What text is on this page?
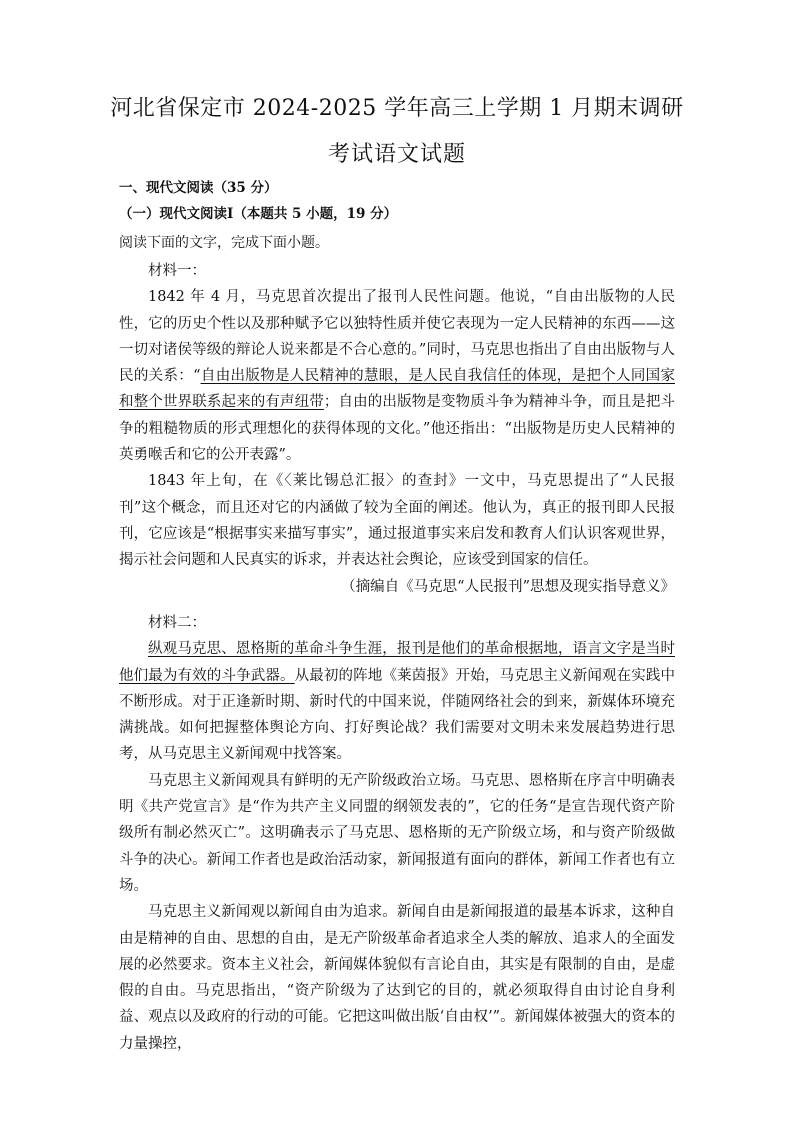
河北省保定市 2024-2025 学年高三上学期 1 月期末调研
考试语文试题
一、现代文阅读（35 分）
（一）现代文阅读Ⅰ（本题共 5 小题，19 分）
阅读下面的文字，完成下面小题。

材料一：

1842 年 4 月，马克思首次提出了报刊人民性问题。他说，“自由出版物的人民性，它的历史个性以及那种赋予它以独特性质并使它表现为一定人民精神的东西——这一切对诸侯等级的辩论人说来都是不合心意的。”同时，马克思也指出了自由出版物与人民的关系：“自由出版物是人民精神的慧眼，是人民自我信任的体现，是把个人同国家和整个世界联系起来的有声纽带；自由的出版物是变物质斗争为精神斗争，而且是把斗争的粗糙物质的形式理想化的获得体现的文化。”他还指出：“出版物是历史人民精神的英勇喉舌和它的公开表露”。

1843 年上旬，在《〈莱比锡总汇报〉的查封》一文中，马克思提出了“人民报刊”这个概念，而且还对它的内涵做了较为全面的阐述。他认为，真正的报刊即人民报刊，它应该是“根据事实来描写事实”，通过报道事实来启发和教育人们认识客观世界，揭示社会问题和人民真实的诉求，并表达社会舆论，应该受到国家的信任。

（摘编自《马克思“人民报刊”思想及现实指导意义》

材料二：

纵观马克思、恩格斯的革命斗争生涯，报刊是他们的革命根据地，语言文字是当时他们最为有效的斗争武器。从最初的阵地《莱茵报》开始，马克思主义新闻观在实践中不断形成。对于正逢新时期、新时代的中国来说，伴随网络社会的到来，新媒体环境充满挑战。如何把握整体舆论方向、打好舆论战？我们需要对文明未来发展趋势进行思考，从马克思主义新闻观中找答案。

马克思主义新闻观具有鲜明的无产阶级政治立场。马克思、恩格斯在序言中明确表明《共产党宣言》是“作为共产主义同盟的纲领发表的”，它的任务“是宣告现代资产阶级所有制必然灭亡”。这明确表示了马克思、恩格斯的无产阶级立场，和与资产阶级做斗争的决心。新闻工作者也是政治活动家，新闻报道有面向的群体，新闻工作者也有立场。

马克思主义新闻观以新闻自由为追求。新闻自由是新闻报道的最基本诉求，这种自由是精神的自由、思想的自由，是无产阶级革命者追求全人类的解放、追求人的全面发展的必然要求。资本主义社会，新闻媒体貌似有言论自由，其实是有限制的自由，是虚假的自由。马克思指出，“资产阶级为了达到它的目的，就必须取得自由讨论自身利益、观点以及政府的行动的可能。它把这叫做出版‘自由权’”。新闻媒体被强大的资本的力量操控，
